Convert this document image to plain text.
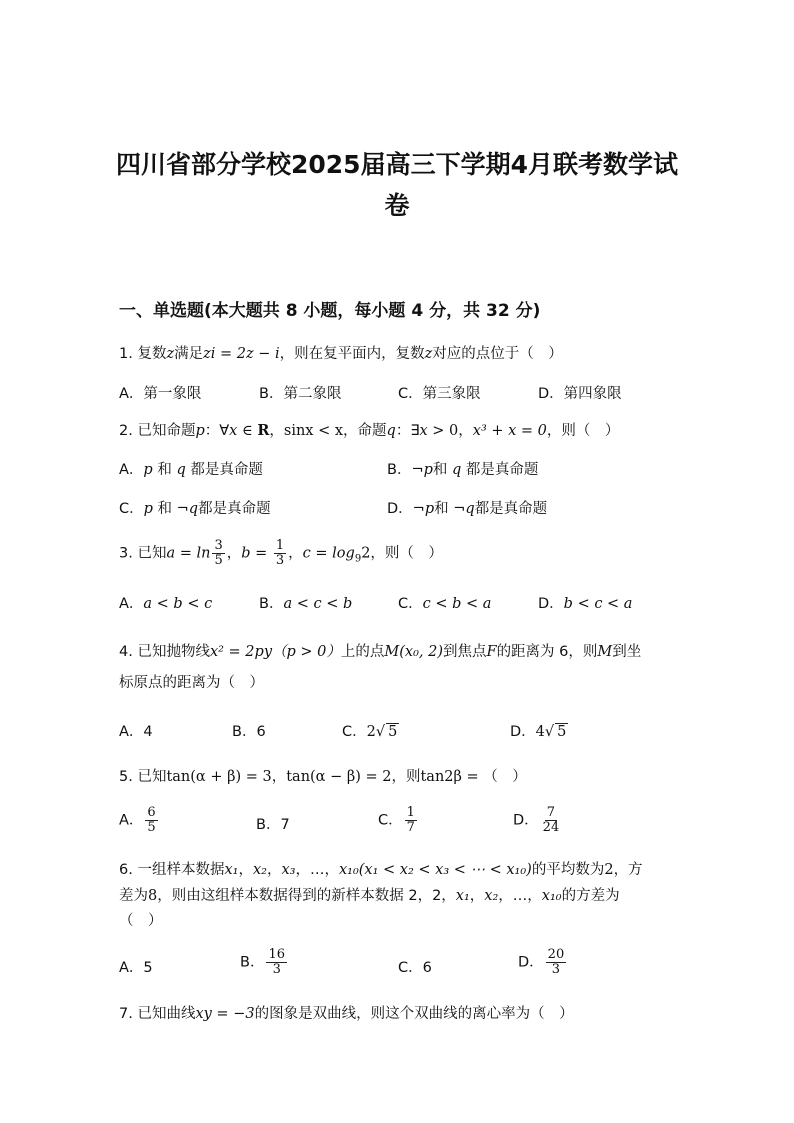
四川省部分学校2025届高三下学期4月联考数学试
卷
一、单选题(本大题共 8 小题，每小题 4 分，共 32 分)
1. 复数z满足zi = 2z − i，则在复平面内，复数z对应的点位于（　）
A．第一象限	B．第二象限	C．第三象限	D．第四象限
2. 已知命题p：∀x ∈ R，sinx < x，命题q：∃x > 0，x³ + x = 0，则（　）
A．p 和 q 都是真命题	B．¬p和 q 都是真命题
C．p 和 ¬q都是真命题	D．¬p和 ¬q都是真命题
3. 已知$a = \ln \frac{3}{5}$ ，$b = \frac{1}{3}$ ，$c = \log_92$，则（　）
A．a < b < c	B．a < c < b	C．c < b < a	D．b < c < a
4. 已知抛物线x² = 2py（p > 0）上的点M(x₀, 2)到焦点F的距离为 6，则M到坐
标原点的距离为（　）
A．4	B．6	C．2√ 5	D．4√ 5
5. 已知tan(α + β) = 3，tan(α − β) = 2，则tan2β = （　）
A． $\frac{6}{5}$	B．7	C． $\frac{1}{7}$	D． $\frac{7}{24}$
6. 一组样本数据x₁，x₂，x₃，…，x₁₀(x₁ < x₂ < x₃ < ⋯ < x₁₀)的平均数为2，方
差为8，则由这组样本数据得到的新样本数据 2，2，x₁，x₂，…，x₁₀的方差为
（　）
A．5	B． $\frac{16}{3}$	C．6	D． $\frac{20}{3}$
7. 已知曲线xy = −3的图象是双曲线，则这个双曲线的离心率为（　）
